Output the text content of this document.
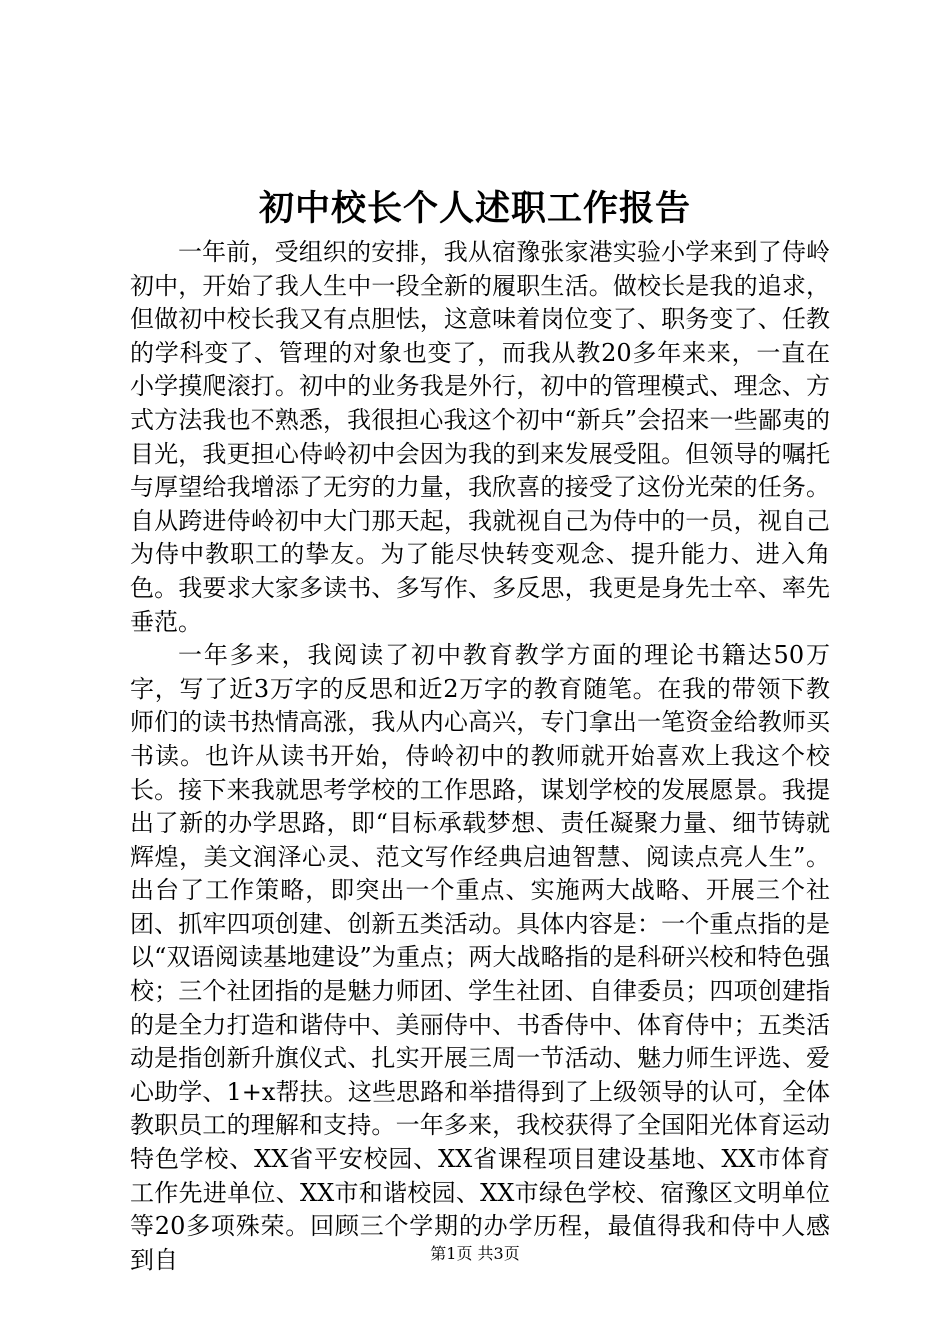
初中校长个人述职工作报告

一年前，受组织的安排，我从宿豫张家港实验小学来到了侍岭初中，开始了我人生中一段全新的履职生活。做校长是我的追求，但做初中校长我又有点胆怯，这意味着岗位变了、职务变了、任教的学科变了、管理的对象也变了，而我从教20多年来来，一直在小学摸爬滚打。初中的业务我是外行，初中的管理模式、理念、方式方法我也不熟悉，我很担心我这个初中“新兵”会招来一些鄙夷的目光，我更担心侍岭初中会因为我的到来发展受阻。但领导的嘱托与厚望给我增添了无穷的力量，我欣喜的接受了这份光荣的任务。自从跨进侍岭初中大门那天起，我就视自己为侍中的一员，视自己为侍中教职工的挚友。为了能尽快转变观念、提升能力、进入角色。我要求大家多读书、多写作、多反思，我更是身先士卒、率先垂范。

一年多来，我阅读了初中教育教学方面的理论书籍达50万字，写了近3万字的反思和近2万字的教育随笔。在我的带领下教师们的读书热情高涨，我从内心高兴，专门拿出一笔资金给教师买书读。也许从读书开始，侍岭初中的教师就开始喜欢上我这个校长。接下来我就思考学校的工作思路，谋划学校的发展愿景。我提出了新的办学思路，即“目标承载梦想、责任凝聚力量、细节铸就辉煌，美文润泽心灵、范文写作经典启迪智慧、阅读点亮人生”。出台了工作策略，即突出一个重点、实施两大战略、开展三个社团、抓牢四项创建、创新五类活动。具体内容是：一个重点指的是以“双语阅读基地建设”为重点；两大战略指的是科研兴校和特色强校；三个社团指的是魅力师团、学生社团、自律委员；四项创建指的是全力打造和谐侍中、美丽侍中、书香侍中、体育侍中；五类活动是指创新升旗仪式、扎实开展三周一节活动、魅力师生评选、爱心助学、1+x帮扶。这些思路和举措得到了上级领导的认可，全体教职员工的理解和支持。一年多来，我校获得了全国阳光体育运动特色学校、XX省平安校园、XX省课程项目建设基地、XX市体育工作先进单位、XX市和谐校园、XX市绿色学校、宿豫区文明单位等20多项殊荣。回顾三个学期的办学历程，最值得我和侍中人感到自	第1页 共3页
